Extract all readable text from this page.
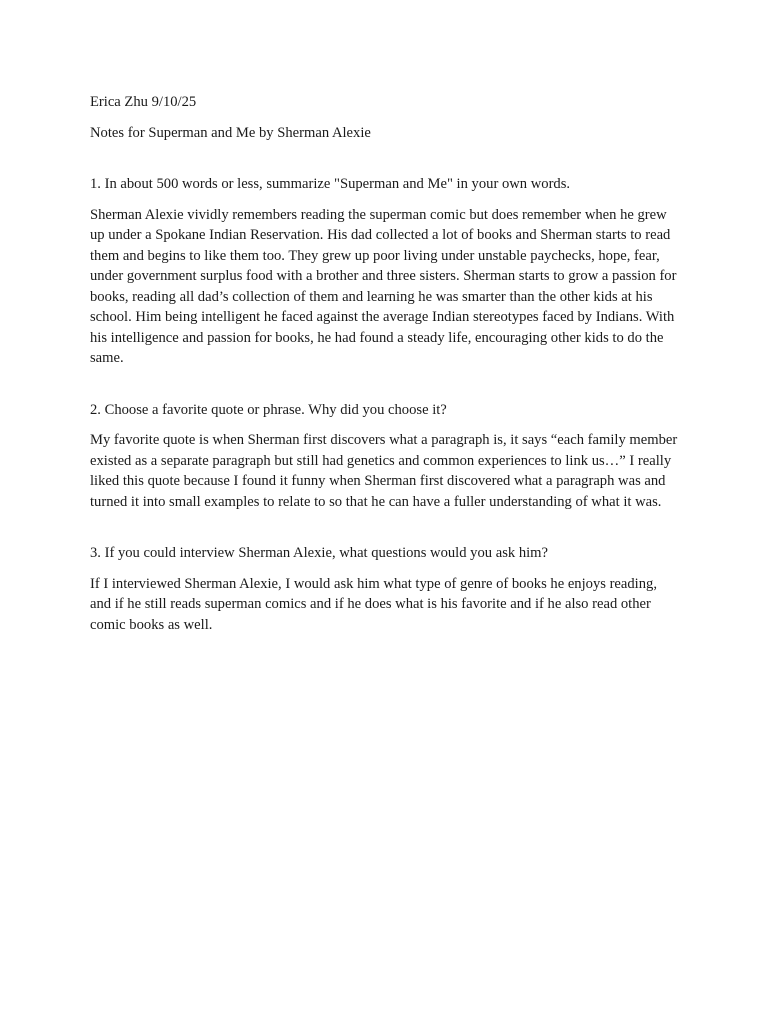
Erica Zhu 9/10/25

Notes for Superman and Me by Sherman Alexie

1. In about 500 words or less, summarize "Superman and Me" in your own words.

Sherman Alexie vividly remembers reading the superman comic but does remember when he grew up under a Spokane Indian Reservation. His dad collected a lot of books and Sherman starts to read them and begins to like them too. They grew up poor living under unstable paychecks, hope, fear, under government surplus food with a brother and three sisters. Sherman starts to grow a passion for books, reading all dad’s collection of them and learning he was smarter than the other kids at his school. Him being intelligent he faced against the average Indian stereotypes faced by Indians. With his intelligence and passion for books, he had found a steady life, encouraging other kids to do the same.

2. Choose a favorite quote or phrase. Why did you choose it?

My favorite quote is when Sherman first discovers what a paragraph is, it says “each family member existed as a separate paragraph but still had genetics and common experiences to link us…” I really liked this quote because I found it funny when Sherman first discovered what a paragraph was and turned it into small examples to relate to so that he can have a fuller understanding of what it was.

3. If you could interview Sherman Alexie, what questions would you ask him?

If I interviewed Sherman Alexie, I would ask him what type of genre of books he enjoys reading, and if he still reads superman comics and if he does what is his favorite and if he also read other comic books as well.
